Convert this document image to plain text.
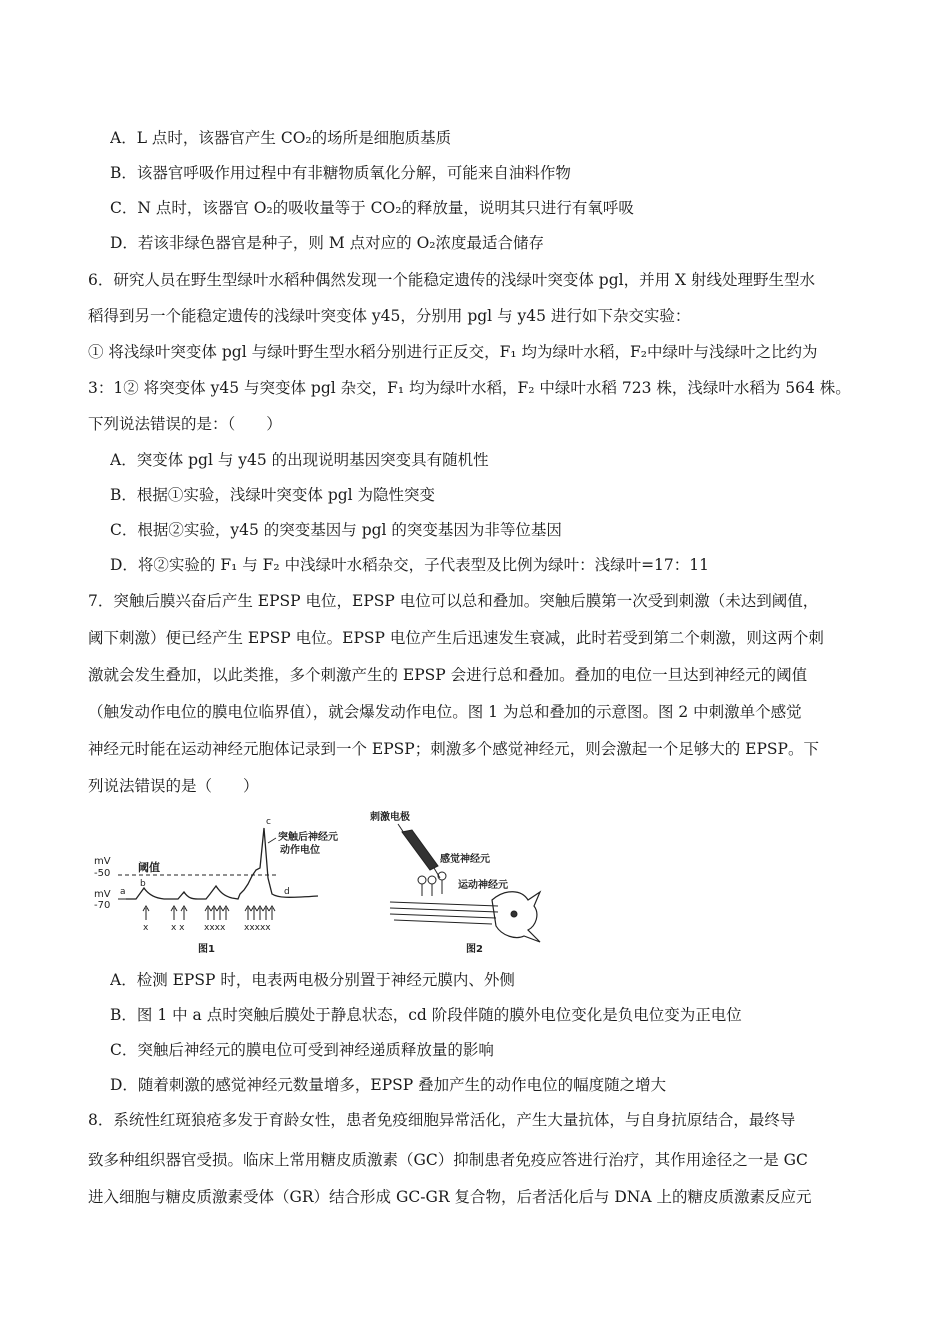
A．L 点时，该器官产生 CO₂的场所是细胞质基质
B．该器官呼吸作用过程中有非糖物质氧化分解，可能来自油料作物
C．N 点时，该器官 O₂的吸收量等于 CO₂的释放量，说明其只进行有氧呼吸
D．若该非绿色器官是种子，则 M 点对应的 O₂浓度最适合储存
6．研究人员在野生型绿叶水稻种偶然发现一个能稳定遗传的浅绿叶突变体 pgl，并用 X 射线处理野生型水
稻得到另一个能稳定遗传的浅绿叶突变体 y45，分别用 pgl 与 y45 进行如下杂交实验：
① 将浅绿叶突变体 pgl 与绿叶野生型水稻分别进行正反交，F₁ 均为绿叶水稻，F₂中绿叶与浅绿叶之比约为
3：1② 将突变体 y45 与突变体 pgl 杂交，F₁ 均为绿叶水稻，F₂ 中绿叶水稻 723 株，浅绿叶水稻为 564 株。
下列说法错误的是：（　　）
A．突变体 pgl 与 y45 的出现说明基因突变具有随机性
B．根据①实验，浅绿叶突变体 pgl 为隐性突变
C．根据②实验，y45 的突变基因与 pgl 的突变基因为非等位基因
D．将②实验的 F₁ 与 F₂ 中浅绿叶水稻杂交，子代表型及比例为绿叶：浅绿叶=17：11
7．突触后膜兴奋后产生 EPSP 电位，EPSP 电位可以总和叠加。突触后膜第一次受到刺激（未达到阈值，
阈下刺激）便已经产生 EPSP 电位。EPSP 电位产生后迅速发生衰减，此时若受到第二个刺激，则这两个刺
激就会发生叠加，以此类推，多个刺激产生的 EPSP 会进行总和叠加。叠加的电位一旦达到神经元的阈值
（触发动作电位的膜电位临界值），就会爆发动作电位。图 1 为总和叠加的示意图。图 2 中刺激单个感觉
神经元时能在运动神经元胞体记录到一个 EPSP；刺激多个感觉神经元，则会激起一个足够大的 EPSP。下
列说法错误的是（　　）
mV
-50
mV
-70
阈值
a
b
c
d
突触后神经元
动作电位
x	x x xxxx xxxxx
图1
刺激电极
感觉神经元
运动神经元
图2
A．检测 EPSP 时，电表两电极分别置于神经元膜内、外侧
B．图 1 中 a 点时突触后膜处于静息状态，cd 阶段伴随的膜外电位变化是负电位变为正电位
C．突触后神经元的膜电位可受到神经递质释放量的影响
D．随着刺激的感觉神经元数量增多，EPSP 叠加产生的动作电位的幅度随之增大
8．系统性红斑狼疮多发于育龄女性，患者免疫细胞异常活化，产生大量抗体，与自身抗原结合，最终导
致多种组织器官受损。临床上常用糖皮质激素（GC）抑制患者免疫应答进行治疗，其作用途径之一是 GC
进入细胞与糖皮质激素受体（GR）结合形成 GC-GR 复合物，后者活化后与 DNA 上的糖皮质激素反应元
